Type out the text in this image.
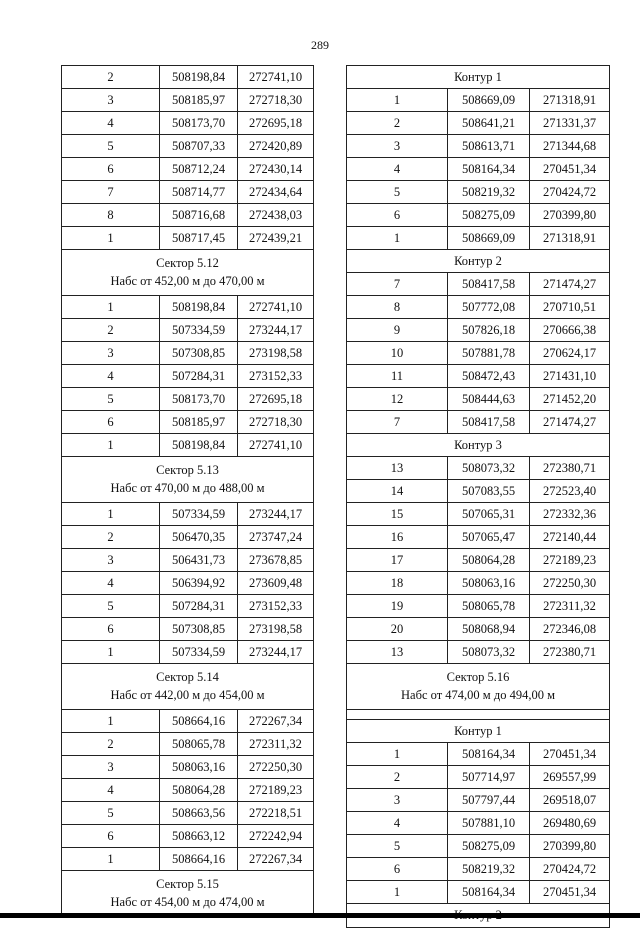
289
2	508198,84	272741,10
3	508185,97	272718,30
4	508173,70	272695,18
5	508707,33	272420,89
6	508712,24	272430,14
7	508714,77	272434,64
8	508716,68	272438,03
1	508717,45	272439,21
Сектор 5.12
Набс от 452,00 м до 470,00 м
1	508198,84	272741,10
2	507334,59	273244,17
3	507308,85	273198,58
4	507284,31	273152,33
5	508173,70	272695,18
6	508185,97	272718,30
1	508198,84	272741,10
Сектор 5.13
Набс от 470,00 м до 488,00 м
1	507334,59	273244,17
2	506470,35	273747,24
3	506431,73	273678,85
4	506394,92	273609,48
5	507284,31	273152,33
6	507308,85	273198,58
1	507334,59	273244,17
Сектор 5.14
Набс от 442,00 м до 454,00 м
1	508664,16	272267,34
2	508065,78	272311,32
3	508063,16	272250,30
4	508064,28	272189,23
5	508663,56	272218,51
6	508663,12	272242,94
1	508664,16	272267,34
Сектор 5.15
Набс от 454,00 м до 474,00 м
Контур 1
1	508669,09	271318,91
2	508641,21	271331,37
3	508613,71	271344,68
4	508164,34	270451,34
5	508219,32	270424,72
6	508275,09	270399,80
1	508669,09	271318,91
Контур 2
7	508417,58	271474,27
8	507772,08	270710,51
9	507826,18	270666,38
10	507881,78	270624,17
11	508472,43	271431,10
12	508444,63	271452,20
7	508417,58	271474,27
Контур 3
13	508073,32	272380,71
14	507083,55	272523,40
15	507065,31	272332,36
16	507065,47	272140,44
17	508064,28	272189,23
18	508063,16	272250,30
19	508065,78	272311,32
20	508068,94	272346,08
13	508073,32	272380,71
Сектор 5.16
Набс от 474,00 м до 494,00 м
Контур 1
1	508164,34	270451,34
2	507714,97	269557,99
3	507797,44	269518,07
4	507881,10	269480,69
5	508275,09	270399,80
6	508219,32	270424,72
1	508164,34	270451,34
